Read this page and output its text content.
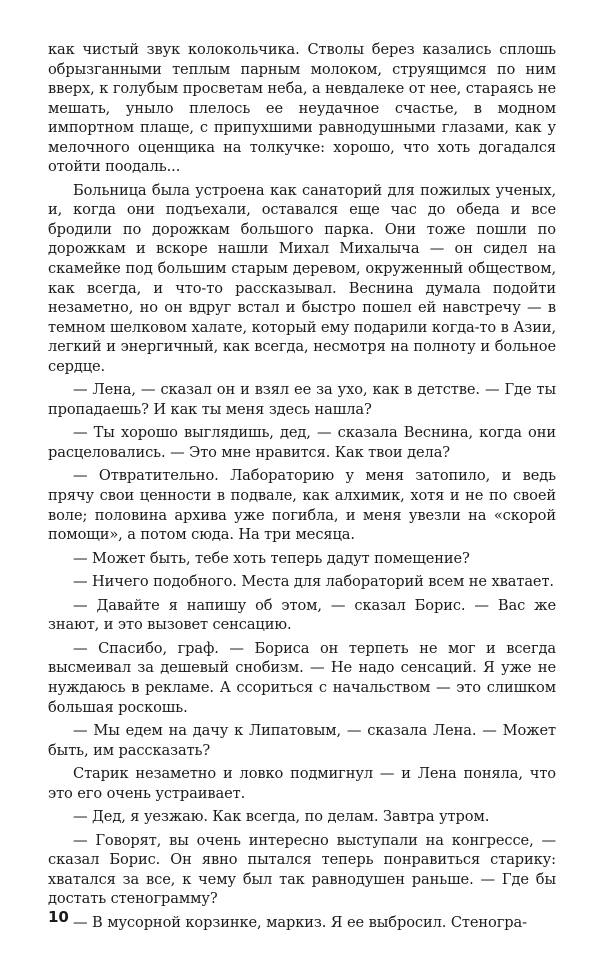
как чистый звук колокольчика. Стволы берез казались сплошь обрызганными теплым парным молоком, струящимся по ним вверх, к голубым просветам неба, а невдалеке от нее, стараясь не мешать, уныло плелось ее неудачное счастье, в модном импортном плаще, с припухшими равнодушными глазами, как у мелочного оценщика на толкучке: хорошо, что хоть догадался отойти поодаль...

Больница была устроена как санаторий для пожилых ученых, и, когда они подъехали, оставался еще час до обеда и все бродили по дорожкам большого парка. Они тоже пошли по дорожкам и вскоре нашли Михал Михалыча — он сидел на скамейке под большим старым деревом, окруженный обществом, как всегда, и что-то рассказывал. Веснина думала подойти незаметно, но он вдруг встал и быстро пошел ей навстречу — в темном шелковом халате, который ему подарили когда-то в Азии, легкий и энергичный, как всегда, несмотря на полноту и больное сердце.

— Лена, — сказал он и взял ее за ухо, как в детстве. — Где ты пропадаешь? И как ты меня здесь нашла?

— Ты хорошо выглядишь, дед, — сказала Веснина, когда они расцеловались. — Это мне нравится. Как твои дела?

— Отвратительно. Лабораторию у меня затопило, и ведь прячу свои ценности в подвале, как алхимик, хотя и не по своей воле; половина архива уже погибла, и меня увезли на «скорой помощи», а потом сюда. На три месяца.

— Может быть, тебе хоть теперь дадут помещение?

— Ничего подобного. Места для лабораторий всем не хватает.

— Давайте я напишу об этом, — сказал Борис. — Вас же знают, и это вызовет сенсацию.

— Спасибо, граф. — Бориса он терпеть не мог и всегда высмеивал за дешевый снобизм. — Не надо сенсаций. Я уже не нуждаюсь в рекламе. А ссориться с начальством — это слишком большая роскошь.

— Мы едем на дачу к Липатовым, — сказала Лена. — Может быть, им рассказать?

Старик незаметно и ловко подмигнул — и Лена поняла, что это его очень устраивает.

— Дед, я уезжаю. Как всегда, по делам. Завтра утром.

— Говорят, вы очень интересно выступали на конгрессе, — сказал Борис. Он явно пытался теперь понравиться старику: хватался за все, к чему был так равнодушен раньше. — Где бы достать стенограмму?

— В мусорной корзинке, маркиз. Я ее выбросил. Стеногра-

10
